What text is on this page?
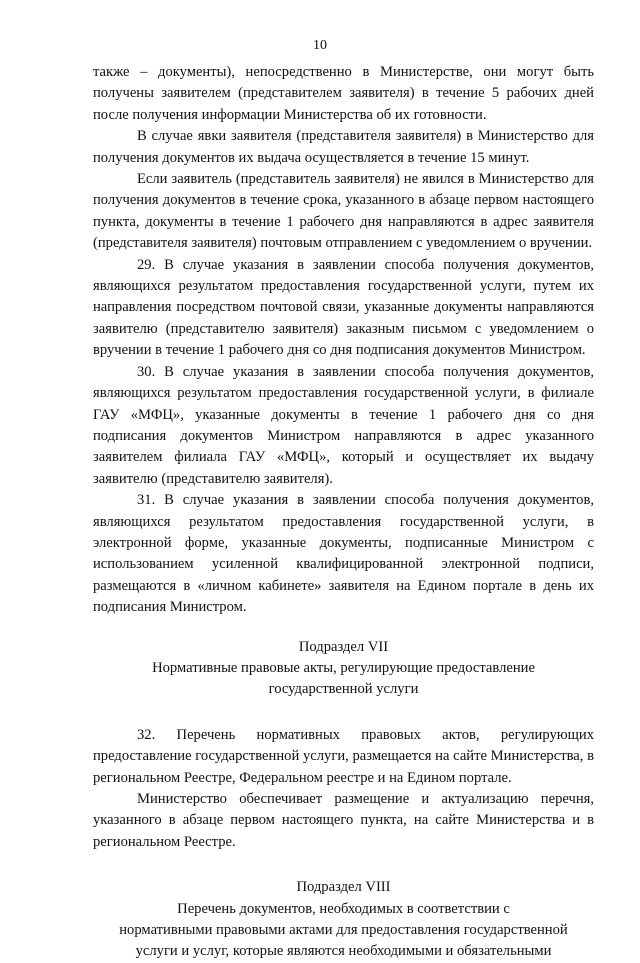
10

также – документы), непосредственно в Министерстве, они могут быть получены заявителем (представителем заявителя) в течение 5 рабочих дней после получения информации Министерства об их готовности.

В случае явки заявителя (представителя заявителя) в Министерство для получения документов их выдача осуществляется в течение 15 минут.

Если заявитель (представитель заявителя) не явился в Министерство для получения документов в течение срока, указанного в абзаце первом настоящего пункта, документы в течение 1 рабочего дня направляются в адрес заявителя (представителя заявителя) почтовым отправлением с уведомлением о вручении.

29. В случае указания в заявлении способа получения документов, являющихся результатом предоставления государственной услуги, путем их направления посредством почтовой связи, указанные документы направляются заявителю (представителю заявителя) заказным письмом с уведомлением о вручении в течение 1 рабочего дня со дня подписания документов Министром.

30. В случае указания в заявлении способа получения документов, являющихся результатом предоставления государственной услуги, в филиале ГАУ «МФЦ», указанные документы в течение 1 рабочего дня со дня подписания документов Министром направляются в адрес указанного заявителем филиала ГАУ «МФЦ», который и осуществляет их выдачу заявителю (представителю заявителя).

31. В случае указания в заявлении способа получения документов, являющихся результатом предоставления государственной услуги, в электронной форме, указанные документы, подписанные Министром с использованием усиленной квалифицированной электронной подписи, размещаются в «личном кабинете» заявителя на Едином портале в день их подписания Министром.

Подраздел VII

Нормативные правовые акты, регулирующие предоставление

государственной услуги

32. Перечень нормативных правовых актов, регулирующих предоставление государственной услуги, размещается на сайте Министерства, в региональном Реестре, Федеральном реестре и на Едином портале.

Министерство обеспечивает размещение и актуализацию перечня, указанного в абзаце первом настоящего пункта, на сайте Министерства и в региональном Реестре.

Подраздел VIII

Перечень документов, необходимых в соответствии с

нормативными правовыми актами для предоставления государственной

услуги и услуг, которые являются необходимыми и обязательными
